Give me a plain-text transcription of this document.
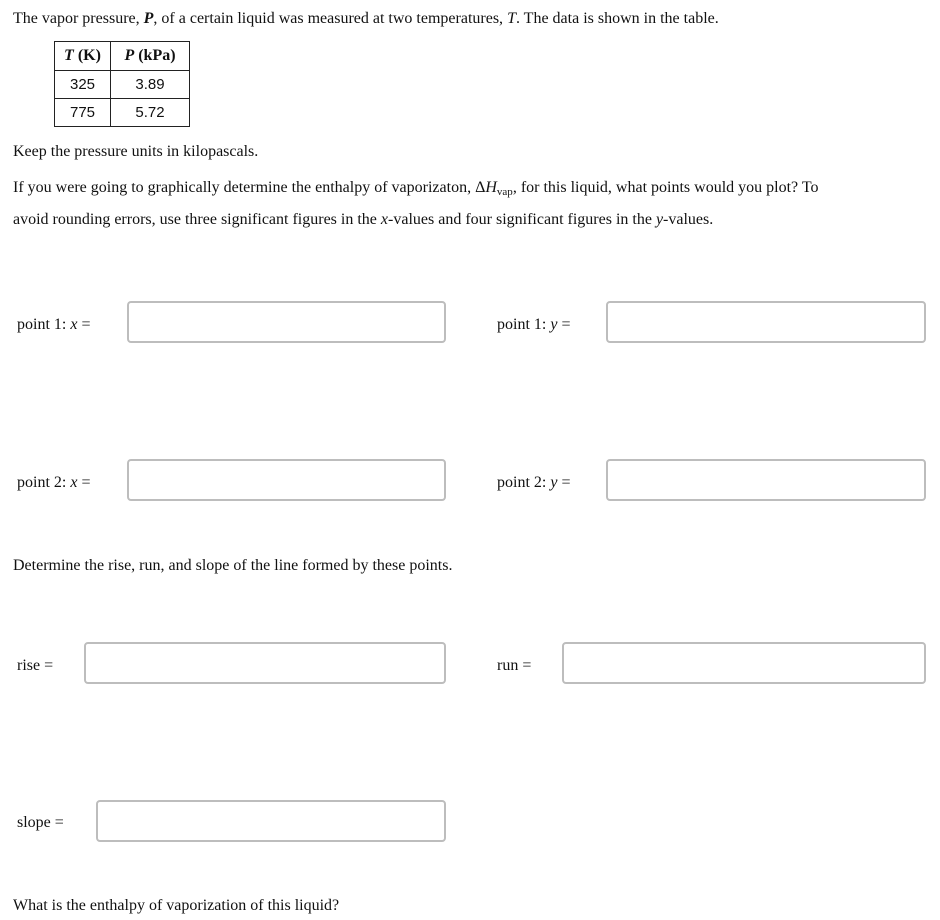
The vapor pressure, P, of a certain liquid was measured at two temperatures, T. The data is shown in the table.
T (K)	P (kPa)
325	3.89
775	5.72
Keep the pressure units in kilopascals.
If you were going to graphically determine the enthalpy of vaporizaton, $\Delta H_{vap}$, for this liquid, what points would you plot? To
avoid rounding errors, use three significant figures in the x-values and four significant figures in the y-values.
point 1: x =	point 1: y =
point 2: x =	point 2: y =
Determine the rise, run, and slope of the line formed by these points.
rise =	run =
slope =
What is the enthalpy of vaporization of this liquid?
